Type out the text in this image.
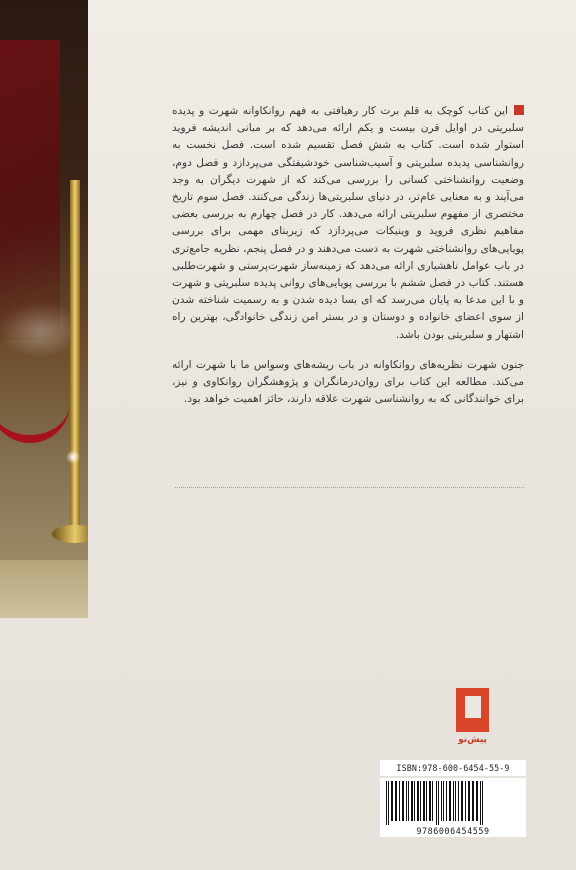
این کتاب کوچک به قلم برت کار رهیافتی به فهم روانکاوانه شهرت و پدیده سلبریتی در اوایل قرن بیست و یکم ارائه می‌دهد که بر مبانی اندیشه فروید استوار شده است. کتاب به شش فصل تقسیم شده است. فصل نخست به روانشناسی پدیده سلبریتی و آسیب‌شناسی خودشیفتگی می‌پردازد و فصل دوم، وضعیت روانشناختی کسانی را بررسی می‌کند که از شهرت دیگران به وجد می‌آیند و به معنایی عام‌تر، در دنیای سلبریتی‌ها زندگی می‌کنند. فصل سوم تاریخ مختصری از مفهوم سلبریتی ارائه می‌دهد. کار در فصل چهارم به بررسی بعضی مفاهیم نظری فروید و وینیکات می‌پردازد که زیربنای مهمی برای بررسی پویایی‌های روانشناختی شهرت به دست می‌دهند و در فصل پنجم، نظریه جامع‌تری در باب عوامل ناهشیاری ارائه می‌دهد که زمینه‌ساز شهرت‌پرستی و شهرت‌طلبی هستند. کتاب در فصل ششم با بررسی پویایی‌های روانی پدیده سلبریتی و شهرت و با این مدعا به پایان می‌رسد که ای بسا دیده شدن و به رسمیت شناخته شدن از سوی اعضای خانواده و دوستان و در بستر امن زندگی خانوادگی، بهترین راه اشتهار و سلبریتی بودن باشد.

جنون شهرت نظریه‌های روانکاوانه در باب ریشه‌های وسواس ما با شهرت ارائه می‌کند. مطالعه این کتاب برای روان‌درمانگران و پژوهشگران روانکاوی و نیز، برای خوانندگانی که به روانشناسی شهرت علاقه دارند، حائز اهمیت خواهد بود.

پیش‌نو
ISBN:978-600-6454-55-9
9786006454559
